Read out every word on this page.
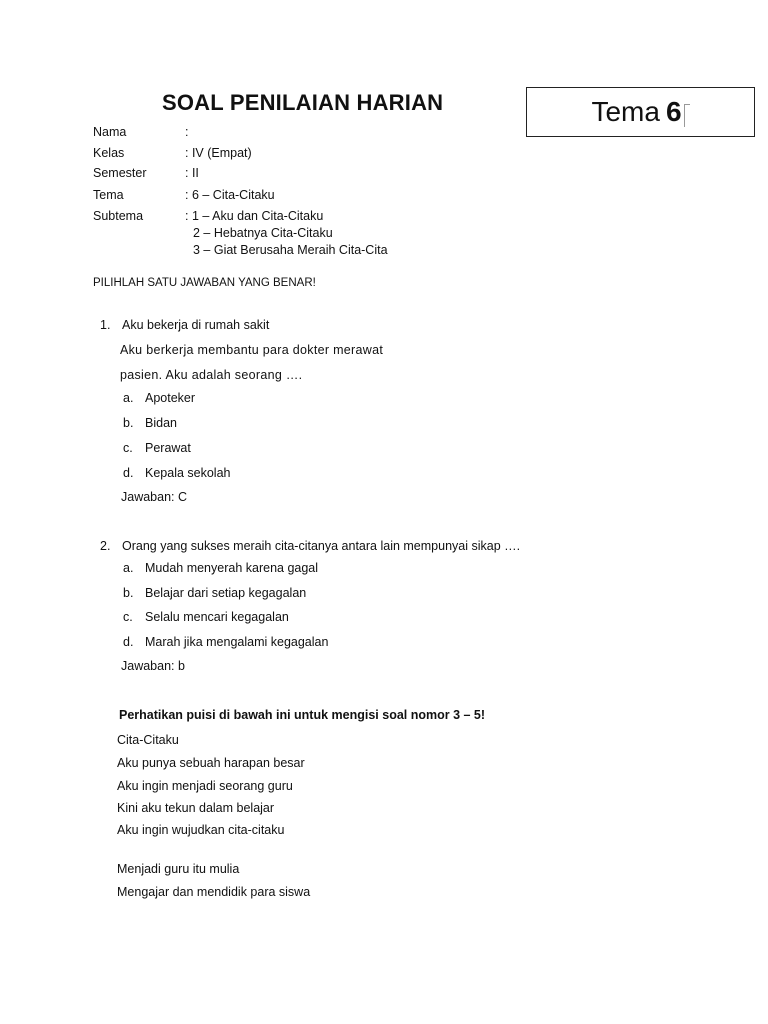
SOAL PENILAIAN HARIAN	Tema 6
Nama	:
Kelas	: IV (Empat)
Semester	: II
Tema	: 6 – Cita-Citaku
Subtema	: 1 – Aku dan Cita-Citaku
2 – Hebatnya Cita-Citaku
3 – Giat Berusaha Meraih Cita-Cita
PILIHLAH SATU JAWABAN YANG BENAR!
1. Aku bekerja di rumah sakit
Aku berkerja membantu para dokter merawat
pasien. Aku adalah seorang ….
a. Apoteker
b. Bidan
c. Perawat
d. Kepala sekolah
Jawaban: C
2. Orang yang sukses meraih cita-citanya antara lain mempunyai sikap ….
a. Mudah menyerah karena gagal
b. Belajar dari setiap kegagalan
c. Selalu mencari kegagalan
d. Marah jika mengalami kegagalan
Jawaban: b
Perhatikan puisi di bawah ini untuk mengisi soal nomor 3 – 5!
Cita-Citaku
Aku punya sebuah harapan besar
Aku ingin menjadi seorang guru
Kini aku tekun dalam belajar
Aku ingin wujudkan cita-citaku
Menjadi guru itu mulia
Mengajar dan mendidik para siswa
